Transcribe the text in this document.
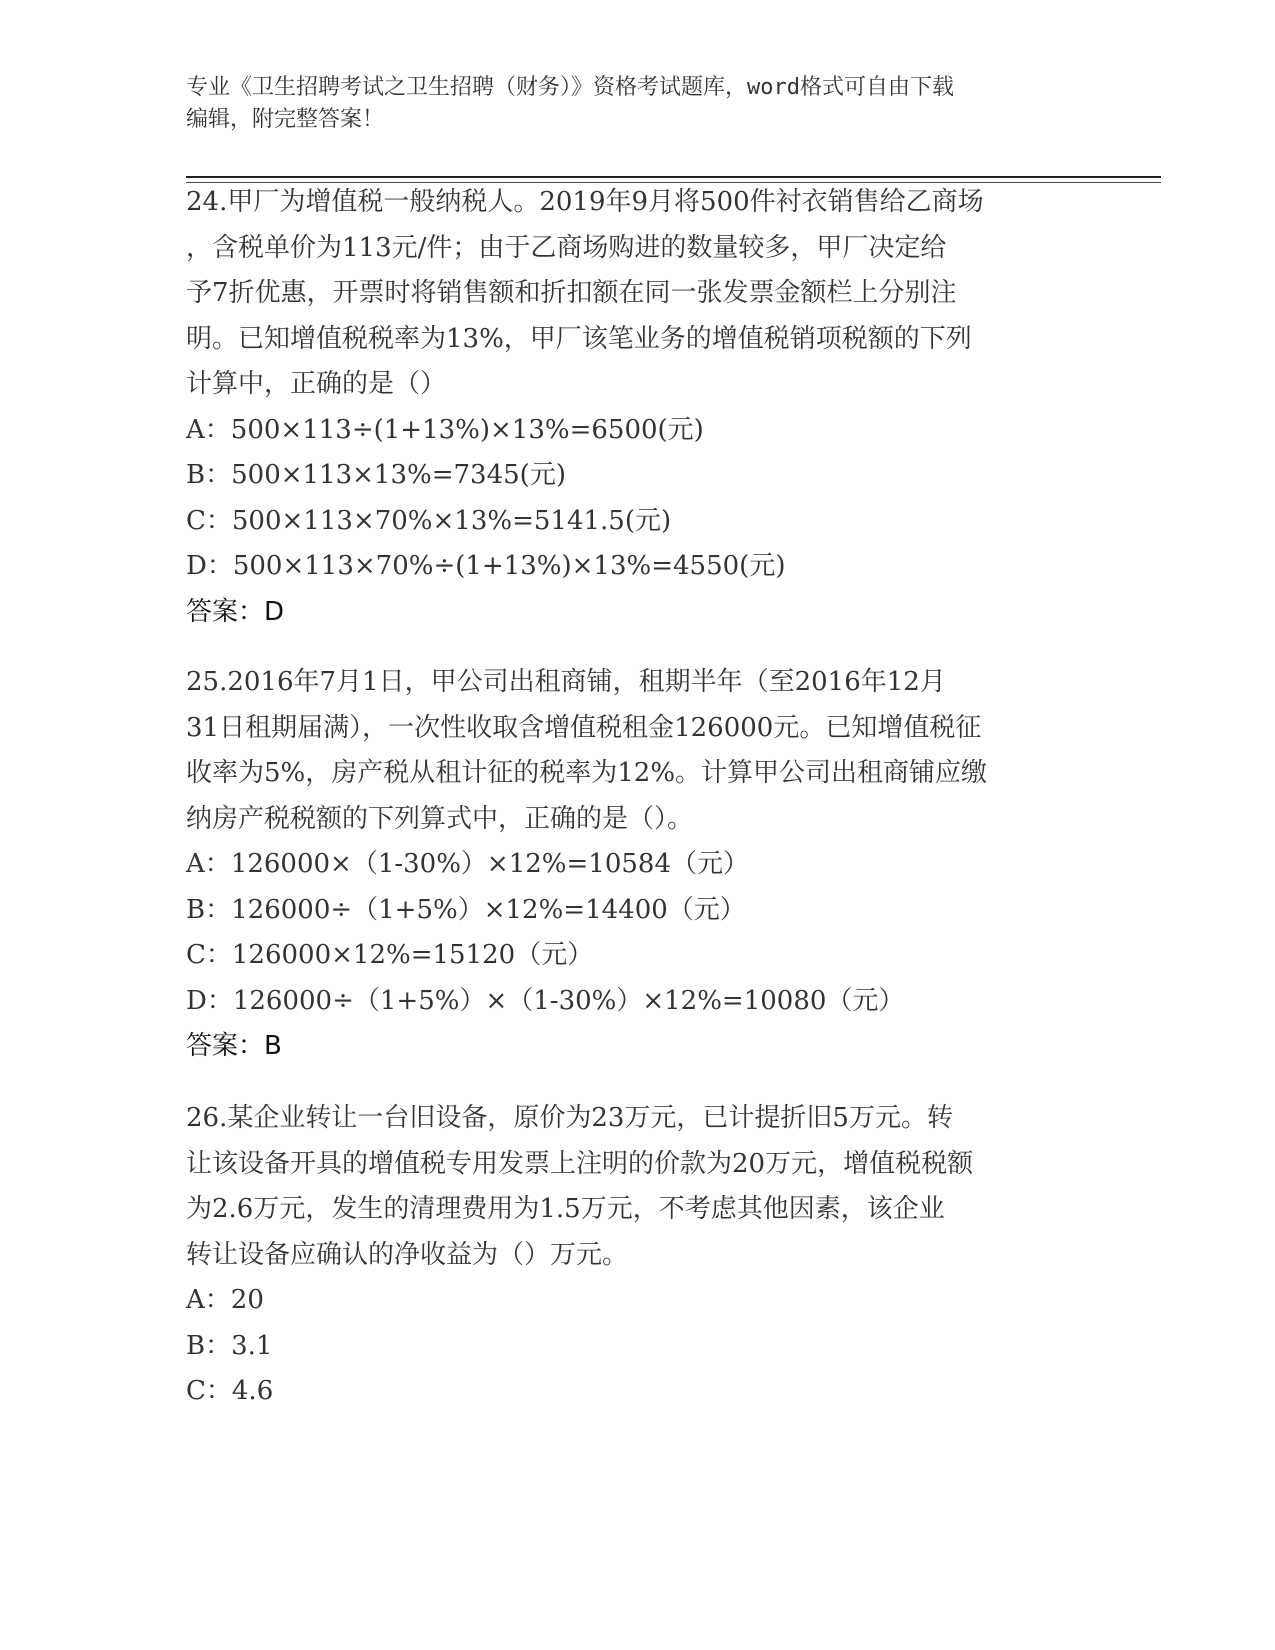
专业《卫生招聘考试之卫生招聘（财务）》资格考试题库，word格式可自由下载
编辑，附完整答案！
24.甲厂为增值税一般纳税人。2019年9月将500件衬衣销售给乙商场
，含税单价为113元/件；由于乙商场购进的数量较多，甲厂决定给
予7折优惠，开票时将销售额和折扣额在同一张发票金额栏上分别注
明。已知增值税税率为13%，甲厂该笔业务的增值税销项税额的下列
计算中，正确的是（）
A：500×113÷(1+13%)×13%=6500(元)
B：500×113×13%=7345(元)
C：500×113×70%×13%=5141.5(元)
D：500×113×70%÷(1+13%)×13%=4550(元)
答案：D
25.2016年7月1日，甲公司出租商铺，租期半年（至2016年12月
31日租期届满），一次性收取含增值税租金126000元。已知增值税征
收率为5%，房产税从租计征的税率为12%。计算甲公司出租商铺应缴
纳房产税税额的下列算式中，正确的是（）。
A：126000×（1-30%）×12%=10584（元）
B：126000÷（1+5%）×12%=14400（元）
C：126000×12%=15120（元）
D：126000÷（1+5%）×（1-30%）×12%=10080（元）
答案：B
26.某企业转让一台旧设备，原价为23万元，已计提折旧5万元。转
让该设备开具的增值税专用发票上注明的价款为20万元，增值税税额
为2.6万元，发生的清理费用为1.5万元，不考虑其他因素，该企业
转让设备应确认的净收益为（）万元。
A：20
B：3.1
C：4.6
